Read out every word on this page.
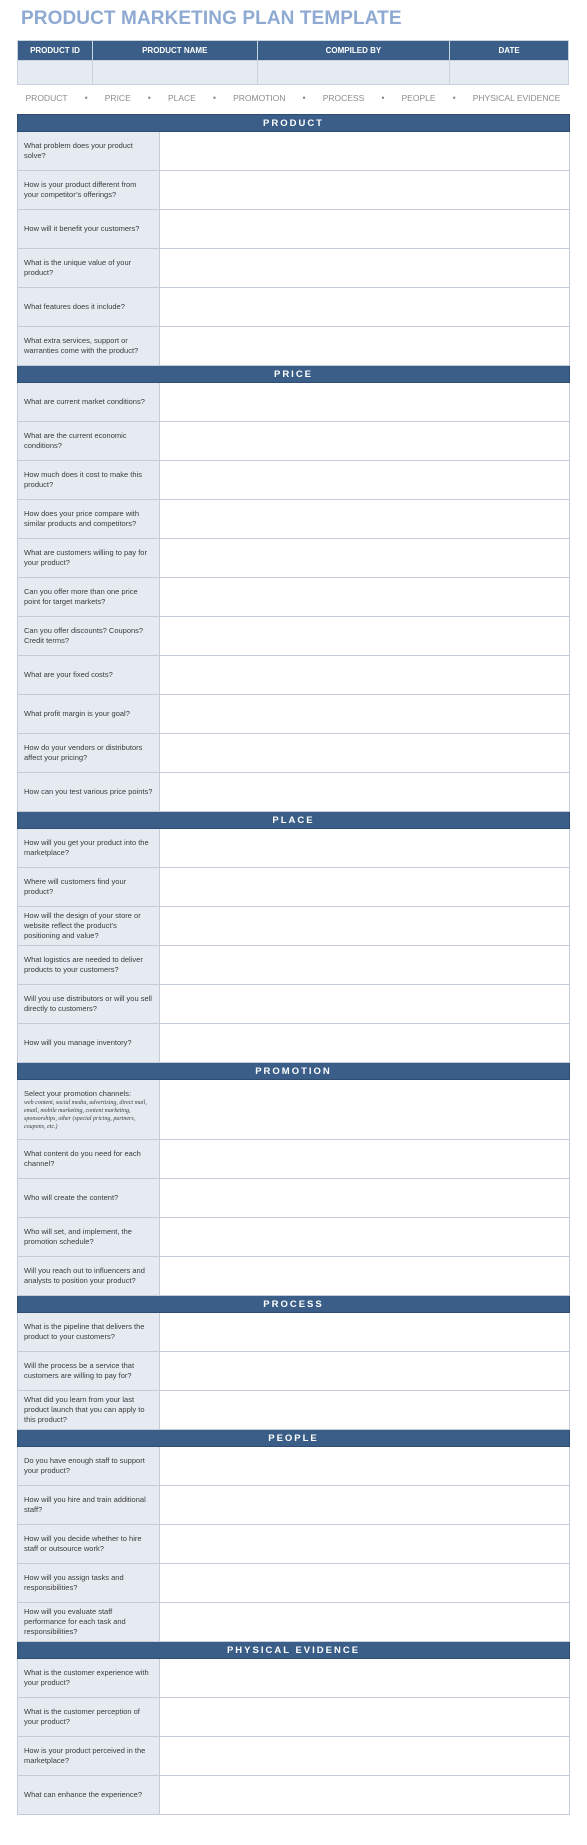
PRODUCT MARKETING PLAN TEMPLATE
PRODUCT ID	PRODUCT NAME	COMPILED BY	DATE

PRODUCT • PRICE • PLACE • PROMOTION • PROCESS • PEOPLE • PHYSICAL EVIDENCE
PRODUCT	
What problem does your product solve?	
How is your product different from your competitor’s offerings?	
How will it benefit your customers?	
What is the unique value of your product?	
What features does it include?	
What extra services, support or warranties come with the product?	
PRICE	
What are current market conditions?	
What are the current economic conditions?	
How much does it cost to make this product?	
How does your price compare with similar products and competitors?	
What are customers willing to pay for your product?	
Can you offer more than one price point for target markets?	
Can you offer discounts? Coupons? Credit terms?	
What are your fixed costs?	
What profit margin is your goal?	
How do your vendors or distributors affect your pricing?	
How can you test various price points?	
PLACE	
How will you get your product into the marketplace?	
Where will customers find your product?	
How will the design of your store or website reflect the product’s positioning and value?	
What logistics are needed to deliver products to your customers?	
Will you use distributors or will you sell directly to customers?	
How will you manage inventory?	
PROMOTION	
Select your promotion channels:
web content, social media, advertising, direct mail, email, mobile marketing, content marketing, sponsorships, other (special pricing, partners, coupons, etc.)	

What content do you need for each channel?	
Who will create the content?	
Who will set, and implement, the promotion schedule?	
Will you reach out to influencers and analysts to position your product?	
PROCESS	
What is the pipeline that delivers the product to your customers?	
Will the process be a service that customers are willing to pay for?	
What did you learn from your last product launch that you can apply to this product?	
PEOPLE	
Do you have enough staff to support your product?	
How will you hire and train additional staff?	
How will you decide whether to hire staff or outsource work?	
How will you assign tasks and responsibilities?	
How will you evaluate staff performance for each task and responsibilities?	
PHYSICAL EVIDENCE	
What is the customer experience with your product?	
What is the customer perception of your product?	
How is your product perceived in the marketplace?	
What can enhance the experience?	
